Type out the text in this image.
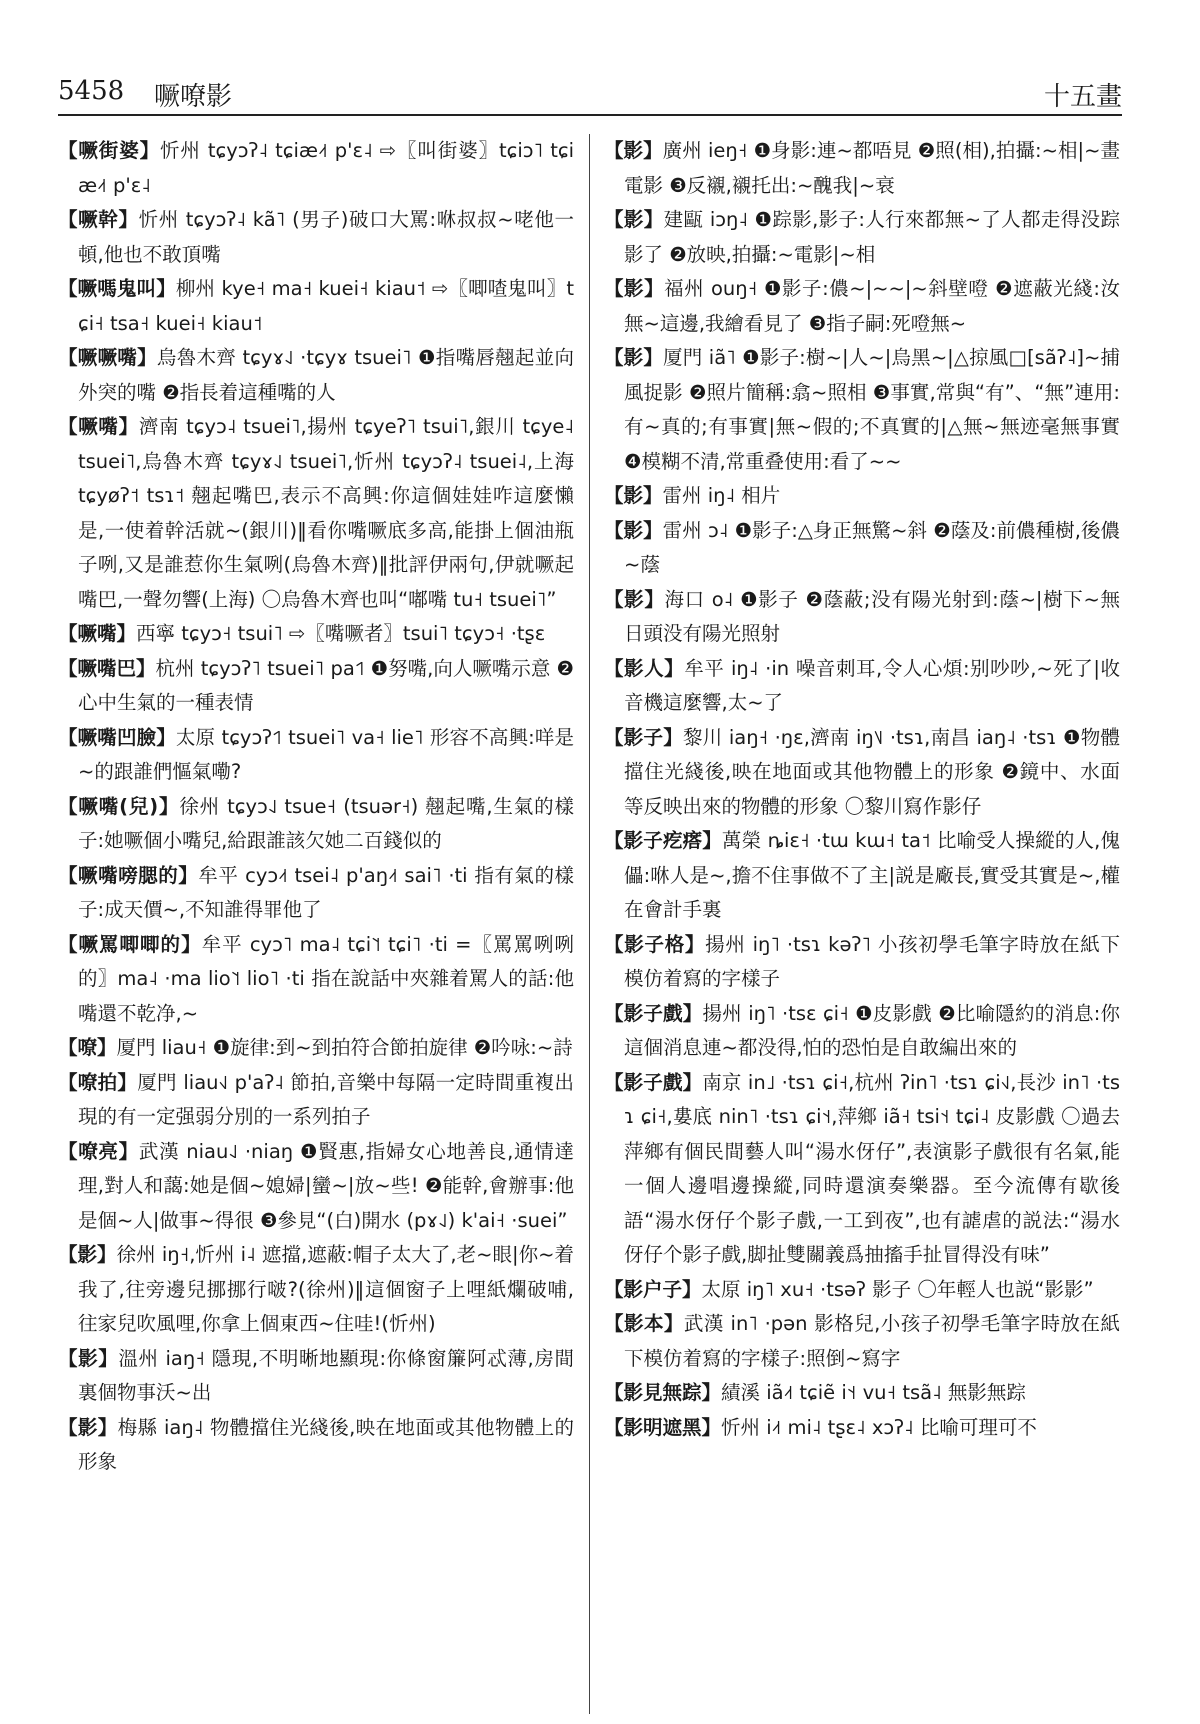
5458 噘嘹影	十五畫

【噘街婆】忻州 tɕyɔʔ˨ tɕiæ˨˦ p'ɛ˨ ⇨〖叫街婆〗tɕiɔ˥ tɕiæ˨˦ p'ɛ˨

【噘幹】忻州 tɕyɔʔ˨ kã˥ (男子)破口大罵:咻叔叔~咾他一頓,他也不敢頂嘴

【噘嗎鬼叫】柳州 kye˧ ma˧ kuei˧ kiau˦ ⇨〖唧喳鬼叫〗tɕi˧ tsa˧ kuei˧ kiau˦

【噘噘嘴】烏魯木齊 tɕyɤ˨˩ ·tɕyɤ tsuei˥ ❶指嘴唇翹起並向外突的嘴 ❷指長着這種嘴的人

【噘嘴】濟南 tɕyɔ˨ tsuei˥,揚州 tɕyeʔ˥ tsui˥,銀川 tɕye˨ tsuei˥,烏魯木齊 tɕyɤ˨˩ tsuei˥,忻州 tɕyɔʔ˨ tsuei˨,上海 tɕyøʔ˦ tsɿ˦ 翹起嘴巴,表示不高興:你這個娃娃咋這麼懶是,一使着幹活就~(銀川)‖看你嘴噘底多高,能掛上個油瓶子咧,又是誰惹你生氣咧(烏魯木齊)‖批評伊兩句,伊就噘起嘴巴,一聲勿響(上海) 〇烏魯木齊也叫“嘟嘴 tu˧ tsuei˥”

【噘嘴】西寧 tɕyɔ˧ tsui˥ ⇨〖嘴噘者〗tsui˥ tɕyɔ˧ ·tʂɛ

【噘嘴巴】杭州 tɕyɔʔ˥ tsuei˥ pa˦˥ ❶努嘴,向人噘嘴示意 ❷心中生氣的一種表情

【噘嘴凹臉】太原 tɕyɔʔ˦˥ tsuei˥ va˧ lie˥ 形容不高興:咩是~的跟誰們慪氣嘞?

【噘嘴(兒)】徐州 tɕyɔ˨˩ tsue˧ (tsuər˧) 翹起嘴,生氣的樣子:她噘個小嘴兒,給跟誰該欠她二百錢似的

【噘嘴嗙腮的】牟平 cyɔ˨˦ tsei˨ p'aŋ˨˦ sai˥ ·ti 指有氣的樣子:成天價~,不知誰得罪他了

【噘罵唧唧的】牟平 cyɔ˥ ma˨ tɕi˥˦ tɕi˥ ·ti =〖罵罵咧咧的〗ma˨ ·ma lio˥˦ lio˥ ·ti 指在說話中夾雜着罵人的話:他嘴還不乾净,~

【嘹】厦門 liau˧ ❶旋律:到~到拍符合節拍旋律 ❷吟咏:~詩

【嘹拍】厦門 liau˧˩ p'aʔ˨ 節拍,音樂中每隔一定時間重複出現的有一定强弱分別的一系列拍子

【嘹亮】武漢 niau˨˩ ·niaŋ ❶賢惠,指婦女心地善良,通情達理,對人和藹:她是個~媳婦|蠻~|放~些! ❷能幹,會辦事:他是個~人|做事~得很 ❸參見“(白)開水 (pɤ˨˩) k'ai˧ ·suei”

【影】徐州 iŋ˧,忻州 i˨ 遮擋,遮蔽:帽子太大了,老~眼|你~着我了,往旁邊兒挪挪行啵?(徐州)‖這個窗子上哩紙爛破哺,往家兒吹風哩,你拿上個東西~住哇!(忻州)

【影】溫州 iaŋ˧ 隱現,不明晰地顯現:你條窗簾阿忒薄,房間裏個物事沃~出

【影】梅縣 iaŋ˨ 物體擋住光綫後,映在地面或其他物體上的形象

【影】廣州 ieŋ˧ ❶身影:連~都唔見 ❷照(相),拍攝:~相|~畫電影 ❸反襯,襯托出:~醜我|~衰

【影】建甌 iɔŋ˨ ❶踪影,影子:人行來都無~了人都走得没踪影了 ❷放映,拍攝:~電影|~相

【影】福州 ouŋ˧ ❶影子:儂~|~~|~斜壁噔 ❷遮蔽光綫:汝無~這邊,我繪看見了 ❸指子嗣:死噔無~

【影】厦門 iã˥ ❶影子:樹~|人~|烏黑~|△掠風□[sãʔ˨]~捕風捉影 ❷照片簡稱:翕~照相 ❸事實,常與“有”、“無”連用:有~真的;有事實|無~假的;不真實的|△無~無迹毫無事實 ❹模糊不清,常重叠使用:看了~~

【影】雷州 iŋ˨ 相片

【影】雷州 ɔ˨ ❶影子:△身正無驚~斜 ❷蔭及:前儂種樹,後儂~蔭

【影】海口 o˨ ❶影子 ❷蔭蔽;没有陽光射到:蔭~|樹下~無日頭没有陽光照射

【影人】牟平 iŋ˨ ·in 噪音刺耳,令人心煩:别吵吵,~死了|收音機這麼響,太~了

【影子】黎川 iaŋ˧ ·ŋɛ,濟南 iŋ˥˩ ·tsɿ,南昌 iaŋ˨ ·tsɿ ❶物體擋住光綫後,映在地面或其他物體上的形象 ❷鏡中、水面等反映出來的物體的形象 〇黎川寫作影仔

【影子疙瘩】萬榮 ȵiɛ˧ ·tɯ kɯ˧ ta˦ 比喻受人操縱的人,傀儡:咻人是~,擔不住事做不了主|説是廠長,實受其實是~,權在會計手裏

【影子格】揚州 iŋ˥ ·tsɿ kəʔ˥ 小孩初學毛筆字時放在紙下模仿着寫的字樣子

【影子戲】揚州 iŋ˥ ·tsɛ ɕi˧ ❶皮影戲 ❷比喻隱約的消息:你這個消息連~都没得,怕的恐怕是自敢編出來的

【影子戲】南京 in˩ ·tsɿ ɕi˧,杭州 ʔin˥ ·tsɿ ɕi˧˩,長沙 in˥ ·tsɿ ɕi˧,婁底 nin˥ ·tsɿ ɕi˦˧,萍鄉 iã˧ tsi˦˧ tɕi˨ 皮影戲 〇過去萍鄉有個民間藝人叫“湯水伢仔”,表演影子戲很有名氣,能一個人邊唱邊操縱,同時還演奏樂器。至今流傳有歇後語“湯水伢仔个影子戲,一工到夜”,也有謔虐的説法:“湯水伢仔个影子戲,脚扯雙關義爲抽搐手扯冒得没有味”

【影户子】太原 iŋ˥ xu˧ ·tsəʔ 影子 〇年輕人也説“影影”

【影本】武漢 in˥ ·pən 影格兒,小孩子初學毛筆字時放在紙下模仿着寫的字樣子:照倒~寫字

【影見無踪】績溪 iã˨˦ tɕiẽ i˦˧ vu˧ tsã˨ 無影無踪

【影明遮黑】忻州 i˨˦ mi˨ tʂɛ˨ xɔʔ˨ 比喻可理可不
